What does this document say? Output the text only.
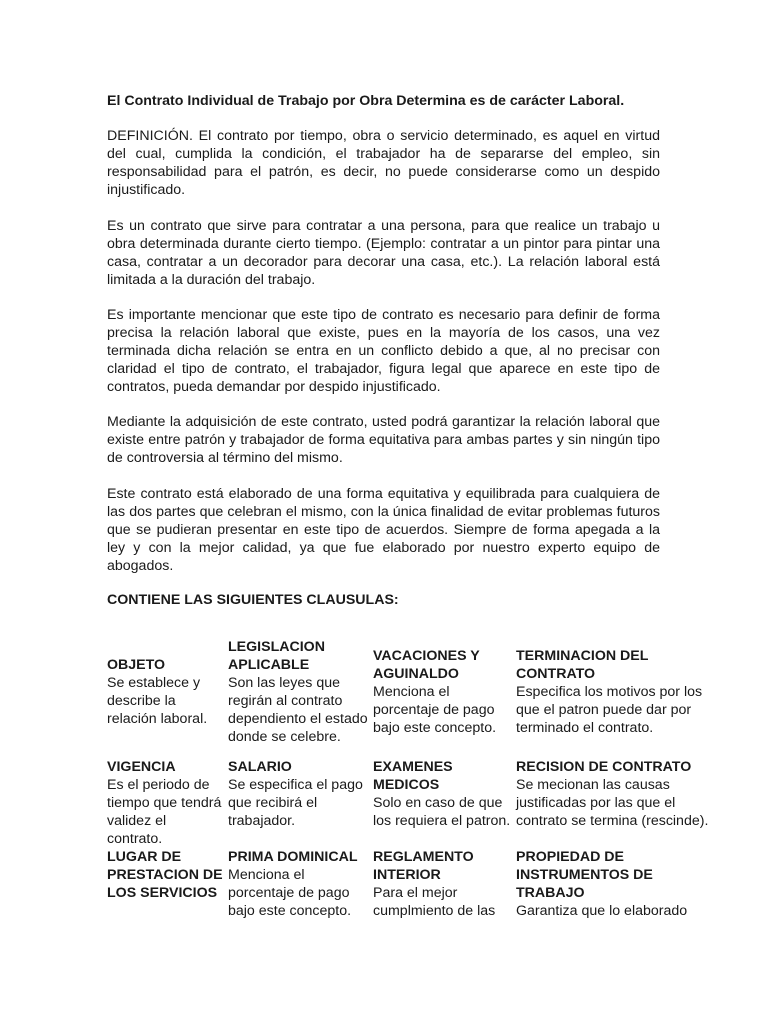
El Contrato Individual de Trabajo por Obra Determina es de carácter Laboral.

DEFINICIÓN. El contrato por tiempo, obra o servicio determinado, es aquel en virtud del cual, cumplida la condición, el trabajador ha de separarse del empleo, sin responsabilidad para el patrón, es decir, no puede considerarse como un despido injustificado.

Es un contrato que sirve para contratar a una persona, para que realice un trabajo u obra determinada durante cierto tiempo. (Ejemplo: contratar a un pintor para pintar una casa, contratar a un decorador para decorar una casa, etc.). La relación laboral está limitada a la duración del trabajo.

Es importante mencionar que este tipo de contrato es necesario para definir de forma precisa la relación laboral que existe, pues en la mayoría de los casos, una vez terminada dicha relación se entra en un conflicto debido a que, al no precisar con claridad el tipo de contrato, el trabajador, figura legal que aparece en este tipo de contratos, pueda demandar por despido injustificado.

Mediante la adquisición de este contrato, usted podrá garantizar la relación laboral que existe entre patrón y trabajador de forma equitativa para ambas partes y sin ningún tipo de controversia al término del mismo.

Este contrato está elaborado de una forma equitativa y equilibrada para cualquiera de las dos partes que celebran el mismo, con la única finalidad de evitar problemas futuros que se pudieran presentar en este tipo de acuerdos. Siempre de forma apegada a la ley y con la mejor calidad, ya que fue elaborado por nuestro experto equipo de abogados.

CONTIENE LAS SIGUIENTES CLAUSULAS:

OBJETO

Se establece y describe la relación laboral.

LEGISLACION APLICABLE

Son las leyes que regirán al contrato dependiento el estado donde se celebre.

VACACIONES Y AGUINALDO

Menciona el porcentaje de pago bajo este concepto.

TERMINACION DEL CONTRATO

Especifica los motivos por los que el patron puede dar por terminado el contrato.

VIGENCIA

Es el periodo de tiempo que tendrá validez el contrato.

SALARIO

Se especifica el pago que recibirá el trabajador.

EXAMENES MEDICOS

Solo en caso de que los requiera el patron.

RECISION DE CONTRATO

Se mecionan las causas justificadas por las que el contrato se termina (rescinde).

LUGAR DE PRESTACION DE LOS SERVICIOS

PRIMA DOMINICAL

Menciona el porcentaje de pago bajo este concepto.

REGLAMENTO INTERIOR

Para el mejor cumplmiento de las

PROPIEDAD DE INSTRUMENTOS DE TRABAJO

Garantiza que lo elaborado
